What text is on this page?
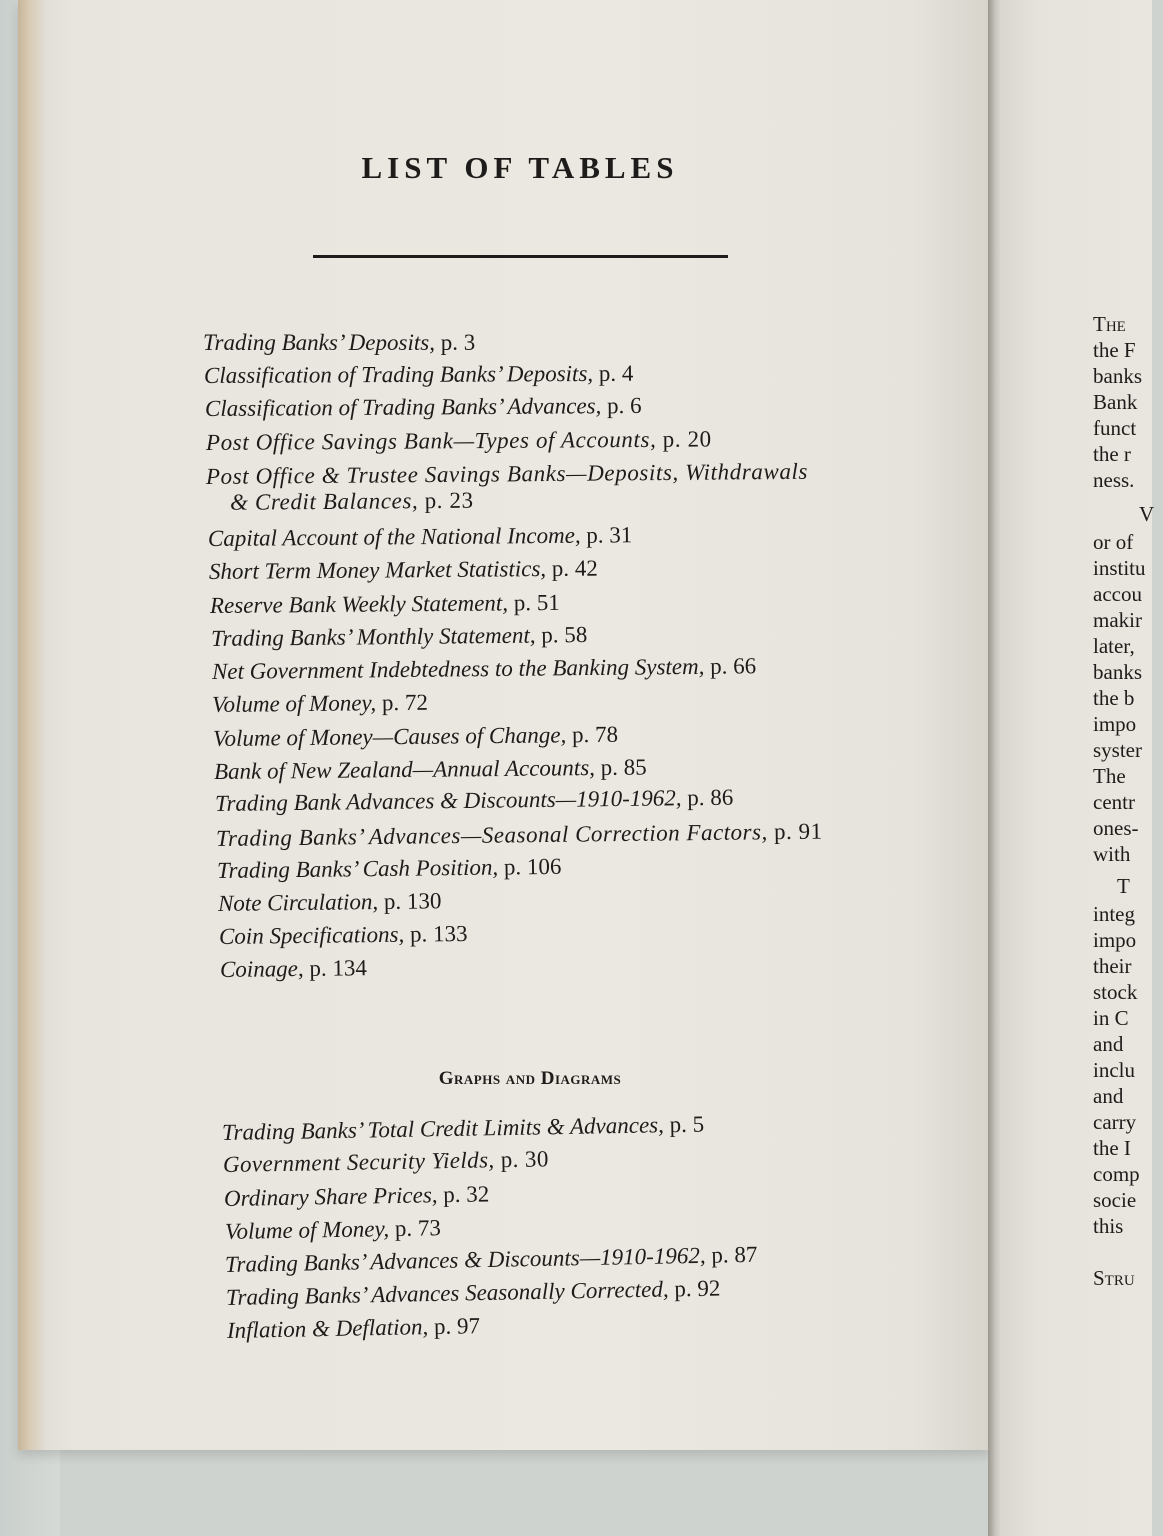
LIST OF TABLES
Trading Banks’ Deposits, p. 3
Classification of Trading Banks’ Deposits, p. 4
Classification of Trading Banks’ Advances, p. 6
Post Office Savings Bank—Types of Accounts, p. 20
Post Office & Trustee Savings Banks—Deposits, Withdrawals
& Credit Balances, p. 23
Capital Account of the National Income, p. 31
Short Term Money Market Statistics, p. 42
Reserve Bank Weekly Statement, p. 51
Trading Banks’ Monthly Statement, p. 58
Net Government Indebtedness to the Banking System, p. 66
Volume of Money, p. 72
Volume of Money—Causes of Change, p. 78
Bank of New Zealand—Annual Accounts, p. 85
Trading Bank Advances & Discounts—1910-1962, p. 86
Trading Banks’ Advances—Seasonal Correction Factors, p. 91
Trading Banks’ Cash Position, p. 106
Note Circulation, p. 130
Coin Specifications, p. 133
Coinage, p. 134
Graphs and Diagrams
Trading Banks’ Total Credit Limits & Advances, p. 5
Government Security Yields, p. 30
Ordinary Share Prices, p. 32
Volume of Money, p. 73
Trading Banks’ Advances & Discounts—1910-1962, p. 87
Trading Banks’ Advances Seasonally Corrected, p. 92
Inflation & Deflation, p. 97
The
the F
banks
Bank
funct
the r
ness.
V
or of
institu
accou
makir
later,
banks
the b
impo
syster
The
centr
ones-
with
T
integ
impo
their
stock
in C
and
inclu
and
carry
the I
comp
socie
this
Stru
